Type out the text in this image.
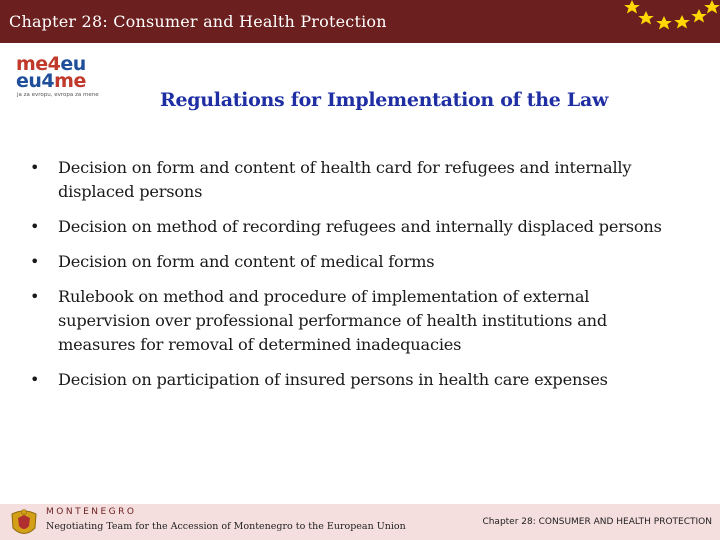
Chapter 28: Consumer and Health Protection
me4eu
eu4me
ja za evropu, evropa za mene	Regulations for Implementation of the Law
• Decision on form and content of health card for refugees and internally displaced persons
• Decision on method of recording refugees and internally displaced persons
• Decision on form and content of medical forms
• Rulebook on method and procedure of implementation of external supervision over professional performance of health institutions and measures for removal of determined inadequacies
• Decision on participation of insured persons in health care expenses
MONTENEGRO
Negotiating Team for the Accession of Montenegro to the European Union	Chapter 28: CONSUMER AND HEALTH PROTECTION
